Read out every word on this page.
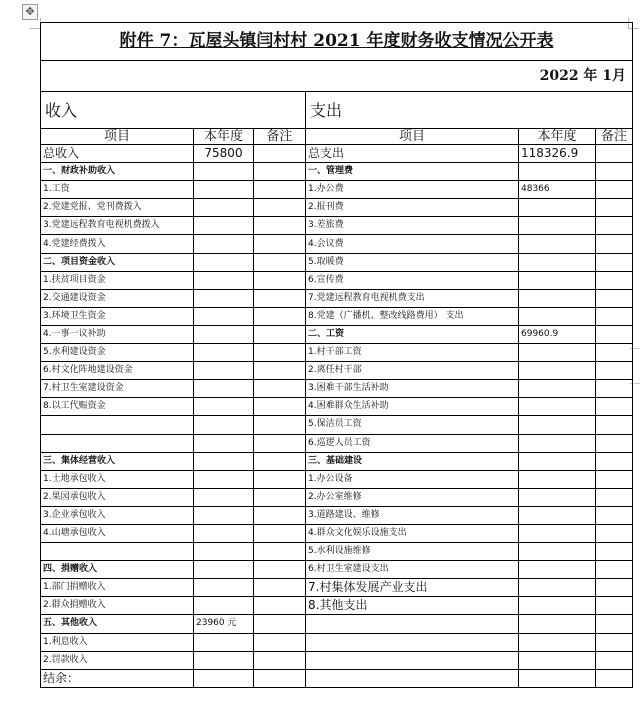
✥
附件 7：瓦屋头镇闫村村 2021 年度财务收支情况公开表					
2022 年 1月					
收入			支出		
项目	本年度	备注	项目	本年度	备注
总收入	75800		总支出	118326.9	
一、财政补助收入			一、管理费		
1.工资			1.办公费	48366	
2.党建党报、党刊费拨入			2.报刊费		
3.党建远程教育电视机费拨入			3.差旅费		
4.党建经费拨入			4.会议费		
二、项目资金收入			5.取暖费		
1.扶贫项目资金			6.宣传费		
2.交通建设资金			7.党建远程教育电视机费支出		
3.环境卫生资金			8.党建（广播机、整改线路费用） 支出		
4.一事一议补助			二、工资	69960.9	
5.水利建设资金			1.村干部工资		
6.村文化阵地建设资金			2.离任村干部		
7.村卫生室建设资金			3.困难干部生活补助		
8.以工代赈资金			4.困难群众生活补助		
			5.保洁员工资		
			6.巡逻人员工资		
三、集体经营收入			三、基础建设		
1.土地承包收入			1.办公设备		
2.果园承包收入			2.办公室维修		
3.企业承包收入			3.道路建设、维修		
4.山塘承包收入			4.群众文化娱乐设施支出		
			5.水利设施维修		
四、捐赠收入			6.村卫生室建设支出		
1.部门捐赠收入			7.村集体发展产业支出		
2.群众捐赠收入			8.其他支出		
五、其他收入	23960 元				
1.利息收入					
2.罚款收入					
结余：					
